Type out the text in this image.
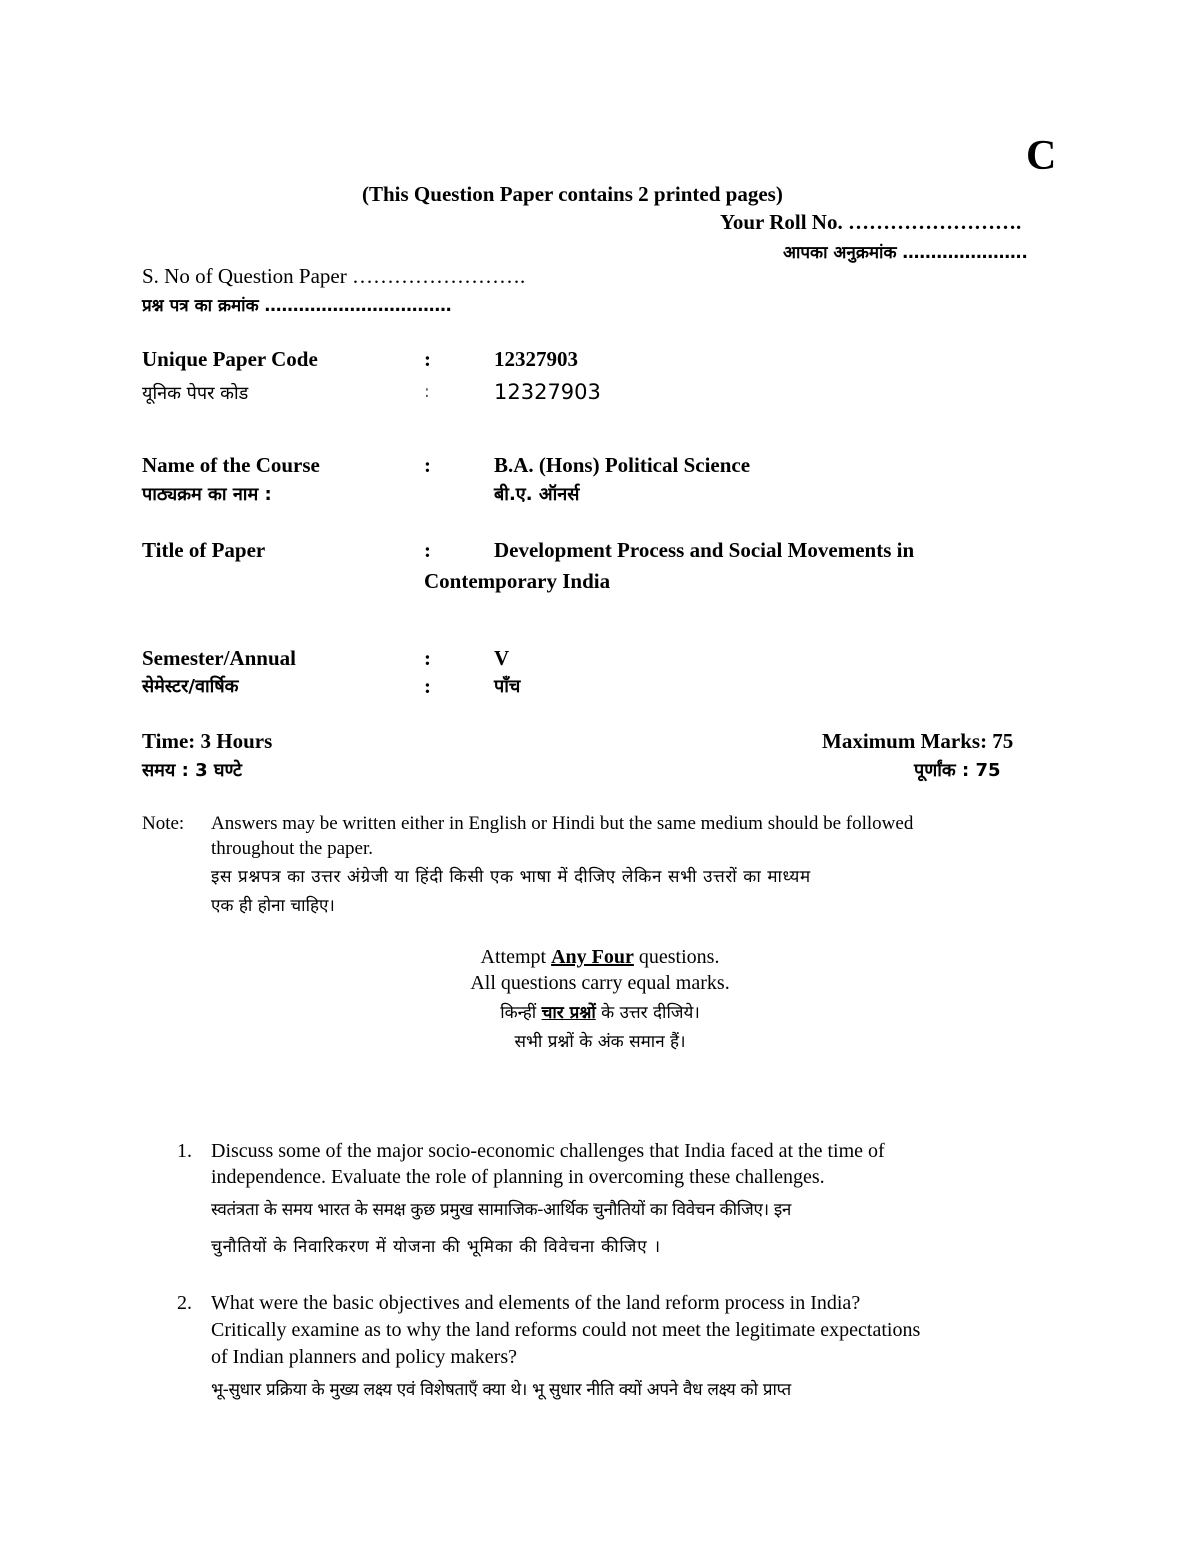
C
(This Question Paper contains 2 printed pages)
Your Roll No. …………………….
आपका अनुक्रमांक ………………….
S. No of Question Paper …………………….
प्रश्न पत्र का क्रमांक ……………………………
Unique Paper Code	:	12327903
यूनिक पेपर कोड	:	12327903
Name of the Course	:	B.A. (Hons) Political Science
पाठ्यक्रम का नाम :	बी.ए. ऑनर्स
Title of Paper	:	Development Process and Social Movements in
Contemporary India
Semester/Annual	:	V
सेमेस्टर/वार्षिक	:	पाँच
Time: 3 Hours	Maximum Marks: 75
समय : 3 घण्टे	पूर्णांक : 75
Note: Answers may be written either in English or Hindi but the same medium should be followed
throughout the paper.
इस प्रश्नपत्र का उत्तर अंग्रेजी या हिंदी किसी एक भाषा में दीजिए लेकिन सभी उत्तरों का माध्यम
एक ही होना चाहिए।
Attempt Any Four questions.
All questions carry equal marks.
किन्हीं चार प्रश्नों के उत्तर दीजिये।
सभी प्रश्नों के अंक समान हैं।
1. Discuss some of the major socio-economic challenges that India faced at the time of
independence. Evaluate the role of planning in overcoming these challenges.
स्वतंत्रता के समय भारत के समक्ष कुछ प्रमुख सामाजिक-आर्थिक चुनौतियों का विवेचन कीजिए। इन
चुनौतियों के निवारिकरण में योजना की भूमिका की विवेचना कीजिए ।
2. What were the basic objectives and elements of the land reform process in India?
Critically examine as to why the land reforms could not meet the legitimate expectations
of Indian planners and policy makers?
भू-सुधार प्रक्रिया के मुख्य लक्ष्य एवं विशेषताएँ क्या थे। भू सुधार नीति क्यों अपने वैध लक्ष्य को प्राप्त
